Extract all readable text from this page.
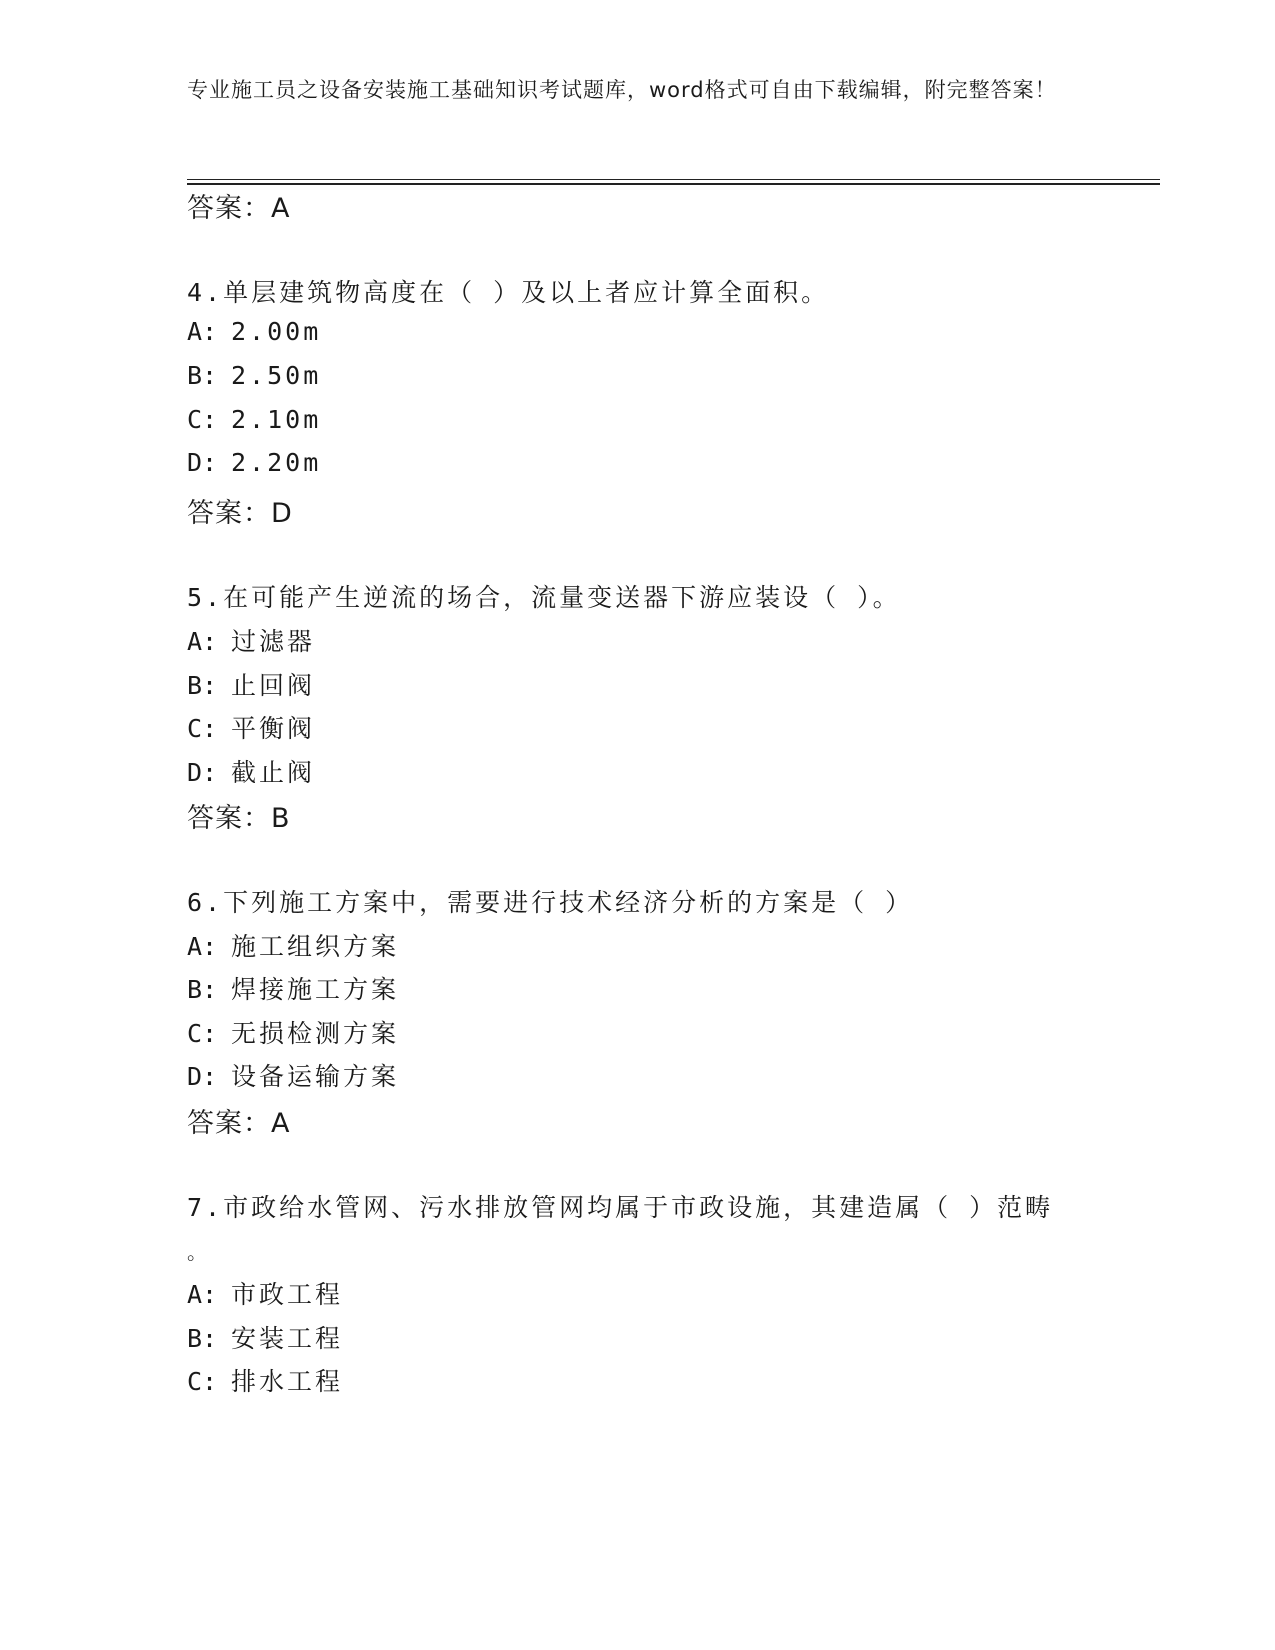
专业施工员之设备安装施工基础知识考试题库，word格式可自由下载编辑，附完整答案！
答案：A
4.单层建筑物高度在（ ）及以上者应计算全面积。
A: 2.00m
B: 2.50m
C: 2.10m
D: 2.20m
答案：D
5.在可能产生逆流的场合，流量变送器下游应装设（ ）。
A: 过滤器
B: 止回阀
C: 平衡阀
D: 截止阀
答案：B
6.下列施工方案中，需要进行技术经济分析的方案是（ ）
A: 施工组织方案
B: 焊接施工方案
C: 无损检测方案
D: 设备运输方案
答案：A
7.市政给水管网、污水排放管网均属于市政设施，其建造属（ ）范畴
。
A: 市政工程
B: 安装工程
C: 排水工程
